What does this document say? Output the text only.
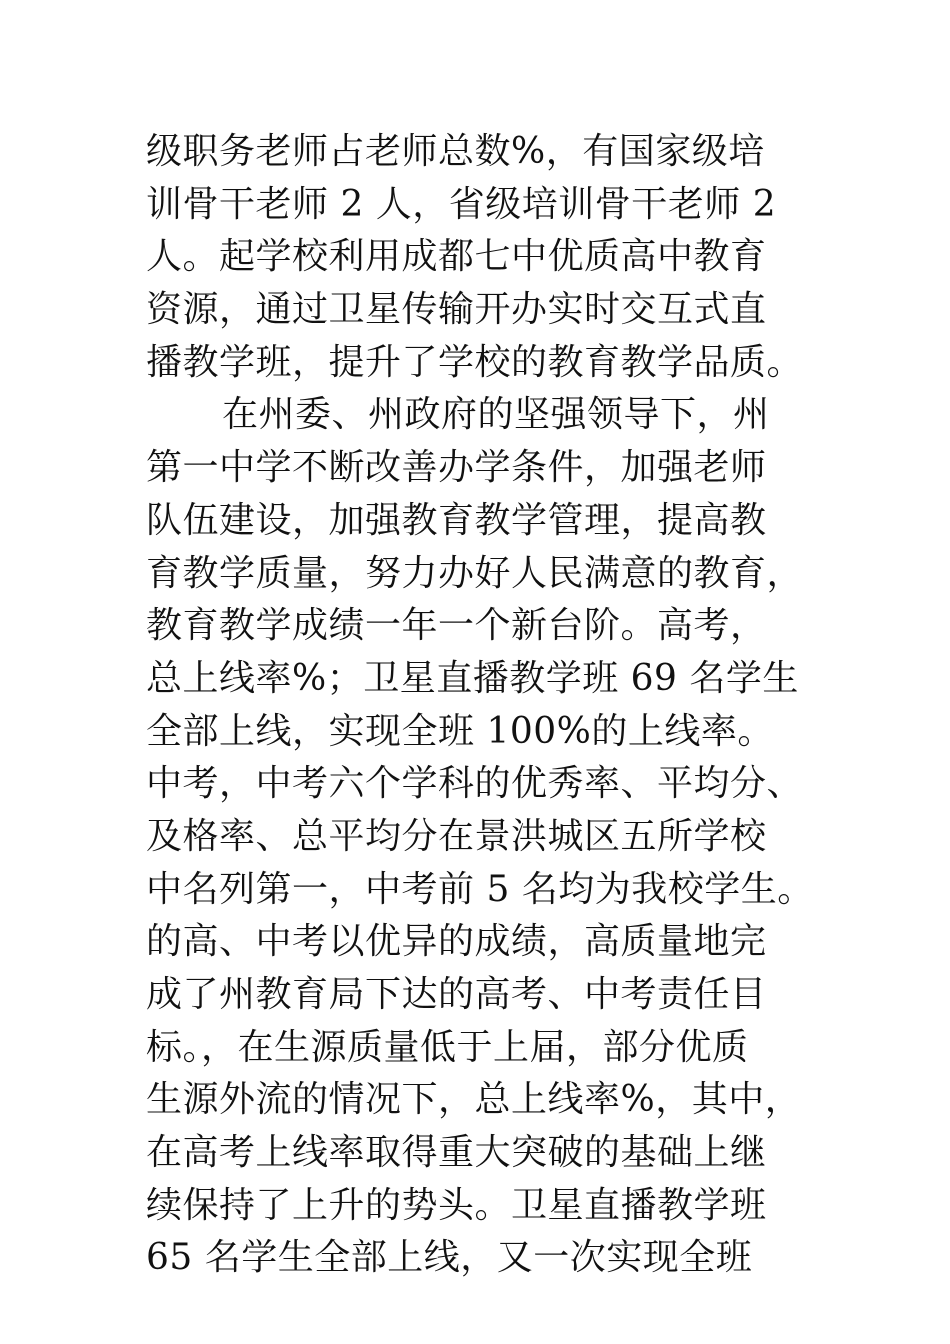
级职务老师占老师总数%，有国家级培
训骨干老师 2 人，省级培训骨干老师 2
人。起学校利用成都七中优质高中教育
资源，通过卫星传输开办实时交互式直
播教学班，提升了学校的教育教学品质。
在州委、州政府的坚强领导下，州
第一中学不断改善办学条件，加强老师
队伍建设，加强教育教学管理，提高教
育教学质量，努力办好人民满意的教育，
教育教学成绩一年一个新台阶。高考，
总上线率%；卫星直播教学班 69 名学生
全部上线，实现全班 100%的上线率。
中考，中考六个学科的优秀率、平均分、
及格率、总平均分在景洪城区五所学校
中名列第一，中考前 5 名均为我校学生。
的高、中考以优异的成绩，高质量地完
成了州教育局下达的高考、中考责任目
标。，在生源质量低于上届，部分优质
生源外流的情况下，总上线率%，其中，
在高考上线率取得重大突破的基础上继
续保持了上升的势头。卫星直播教学班
65 名学生全部上线，又一次实现全班
